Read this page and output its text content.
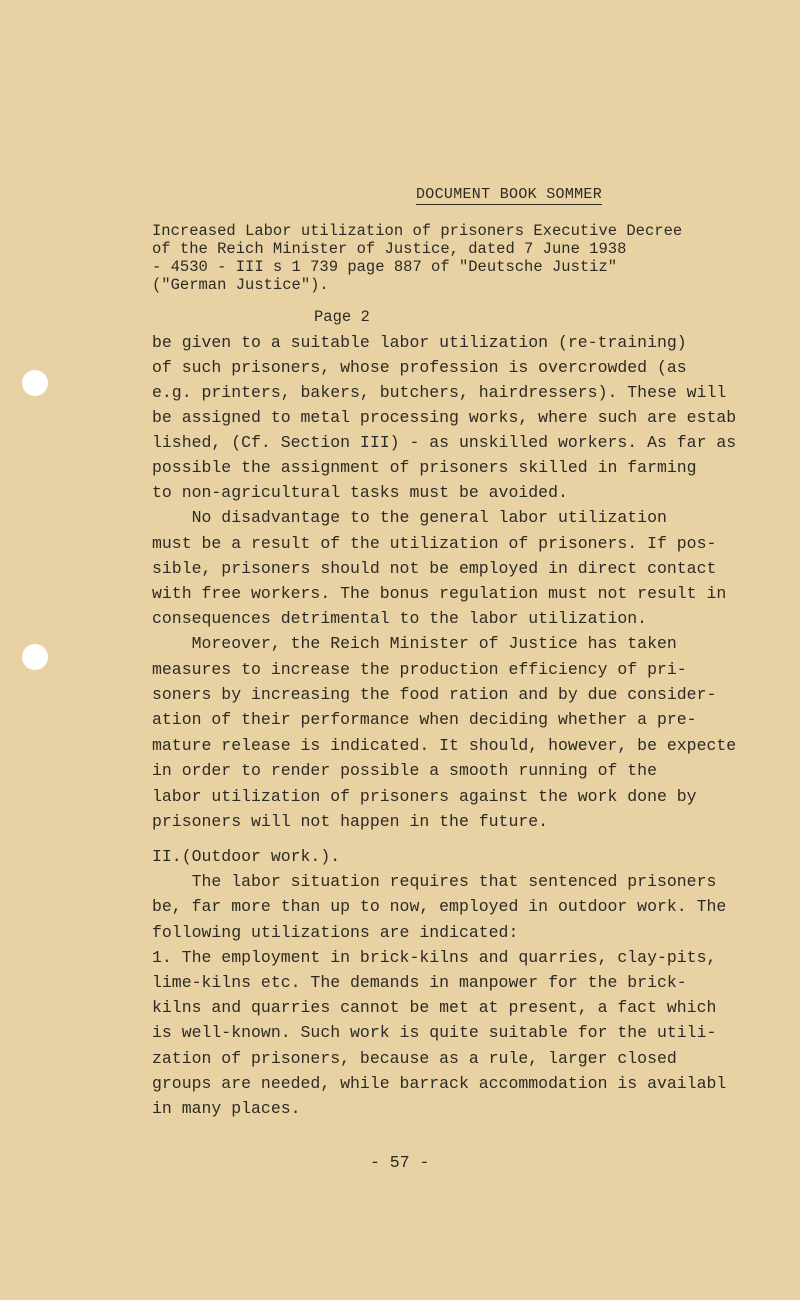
DOCUMENT BOOK SOMMER
Increased Labor utilization of prisoners Executive Decree
of the Reich Minister of Justice, dated 7 June 1938
- 4530 - III s 1 739 page 887 of "Deutsche Justiz"
("German Justice").
Page 2
be given to a suitable labor utilization (re-training)
of such prisoners, whose profession is overcrowded (as
e.g. printers, bakers, butchers, hairdressers). These will
be assigned to metal processing works, where such are estab
lished, (Cf. Section III) - as unskilled workers. As far as
possible the assignment of prisoners skilled in farming
to non-agricultural tasks must be avoided.
No disadvantage to the general labor utilization
must be a result of the utilization of prisoners. If pos-
sible, prisoners should not be employed in direct contact
with free workers. The bonus regulation must not result in
consequences detrimental to the labor utilization.
Moreover, the Reich Minister of Justice has taken
measures to increase the production efficiency of pri-
soners by increasing the food ration and by due consider-
ation of their performance when deciding whether a pre-
mature release is indicated. It should, however, be expecte
in order to render possible a smooth running of the
labor utilization of prisoners against the work done by
prisoners will not happen in the future.
II.(Outdoor work.).
The labor situation requires that sentenced prisoners
be, far more than up to now, employed in outdoor work. The
following utilizations are indicated:
1. The employment in brick-kilns and quarries, clay-pits,
lime-kilns etc. The demands in manpower for the brick-
kilns and quarries cannot be met at present, a fact which
is well-known. Such work is quite suitable for the utili-
zation of prisoners, because as a rule, larger closed
groups are needed, while barrack accommodation is availabl
in many places.
- 57 -
